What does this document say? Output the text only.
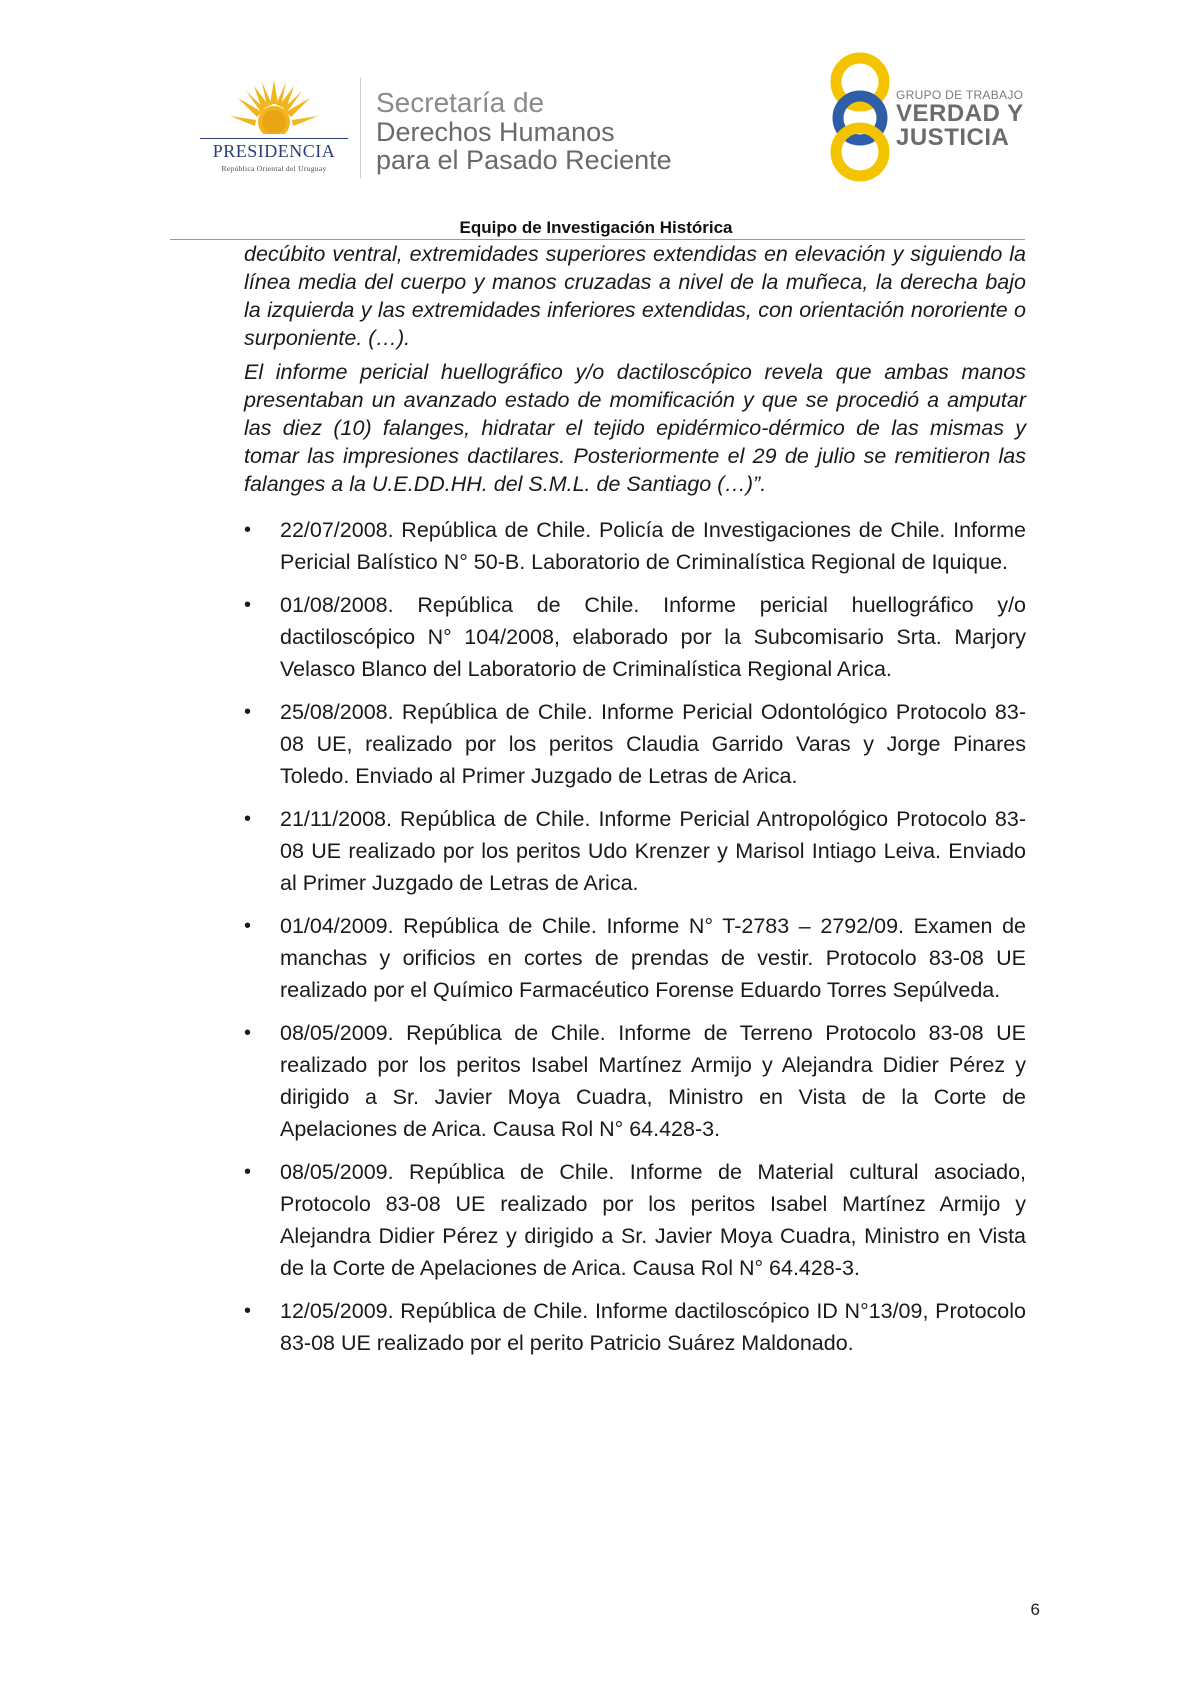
PRESIDENCIA
República Oriental del Uruguay
Secretaría de
Derechos Humanos
para el Pasado Reciente
GRUPO DE TRABAJO
VERDAD Y
JUSTICIA
Equipo de Investigación Histórica

decúbito ventral, extremidades superiores extendidas en elevación y siguiendo la línea media del cuerpo y manos cruzadas a nivel de la muñeca, la derecha bajo la izquierda y las extremidades inferiores extendidas, con orientación nororiente o surponiente. (…).

El informe pericial huellográfico y/o dactiloscópico revela que ambas manos presentaban un avanzado estado de momificación y que se procedió a amputar las diez (10) falanges, hidratar el tejido epidérmico-dérmico de las mismas y tomar las impresiones dactilares. Posteriormente el 29 de julio se remitieron las falanges a la U.E.DD.HH. del S.M.L. de Santiago (…)”.

•	22/07/2008. República de Chile. Policía de Investigaciones de Chile. Informe Pericial Balístico N° 50-B. Laboratorio de Criminalística Regional de Iquique.
•	01/08/2008. República de Chile. Informe pericial huellográfico y/o dactiloscópico N° 104/2008, elaborado por la Subcomisario Srta. Marjory Velasco Blanco del Laboratorio de Criminalística Regional Arica.
•	25/08/2008. República de Chile. Informe Pericial Odontológico Protocolo 83-08 UE, realizado por los peritos Claudia Garrido Varas y Jorge Pinares Toledo. Enviado al Primer Juzgado de Letras de Arica.
•	21/11/2008. República de Chile. Informe Pericial Antropológico Protocolo 83-08 UE realizado por los peritos Udo Krenzer y Marisol Intiago Leiva. Enviado al Primer Juzgado de Letras de Arica.
•	01/04/2009. República de Chile. Informe N° T-2783 – 2792/09. Examen de manchas y orificios en cortes de prendas de vestir. Protocolo 83-08 UE realizado por el Químico Farmacéutico Forense Eduardo Torres Sepúlveda.
•	08/05/2009. República de Chile. Informe de Terreno Protocolo 83-08 UE realizado por los peritos Isabel Martínez Armijo y Alejandra Didier Pérez y dirigido a Sr. Javier Moya Cuadra, Ministro en Vista de la Corte de Apelaciones de Arica. Causa Rol N° 64.428-3.
•	08/05/2009. República de Chile. Informe de Material cultural asociado, Protocolo 83-08 UE realizado por los peritos Isabel Martínez Armijo y Alejandra Didier Pérez y dirigido a Sr. Javier Moya Cuadra, Ministro en Vista de la Corte de Apelaciones de Arica. Causa Rol N° 64.428-3.
•	12/05/2009. República de Chile. Informe dactiloscópico ID N°13/09, Protocolo 83-08 UE realizado por el perito Patricio Suárez Maldonado.
6
